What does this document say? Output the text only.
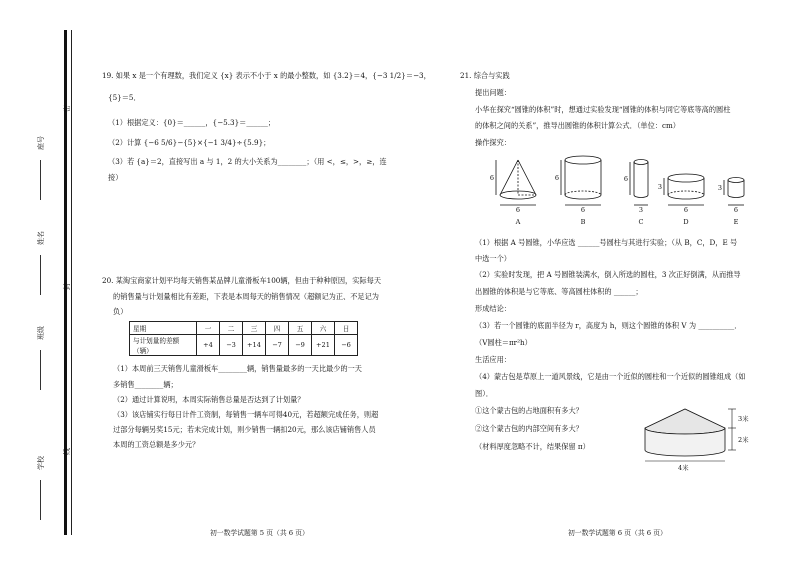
密
座号
姓名
封
班级
线
学校
19. 如果 x 是一个有理数，我们定义 {x} 表示不小于 x 的最小整数，如 {3.2}＝4，{−3 1/2}＝−3，
{5}＝5．
（1）根据定义：{0}＝______，{−5.3}＝______；
（2）计算 {−6 5/6}−{5}×{−1 3/4}÷{5.9}；
（3）若 {a}＝2，直接写出 a 与 1，2 的大小关系为________；（用 <，≤，>，≥，连
接）
20. 某淘宝商家计划平均每天销售某品牌儿童滑板车100辆，但由于种种原因，实际每天
的销售量与计划量相比有差距，下表是本周每天的销售情况（超额记为正、不足记为
负）
星期	一	二	三	四	五	六	日
与计划量的差额（辆）	+4	−3	+14	−7	−9	+21	−6
（1）本周前三天销售儿童滑板车________辆，销售量最多的一天比最少的一天
多销售________辆；
（2）通过计算说明，本周实际销售总量是否达到了计划量？
（3）该店铺实行每日计件工资制，每销售一辆车可得40元，若超额完成任务，则超
过部分每辆另奖15元；若未完成计划，则少销售一辆扣20元，那么该店铺销售人员
本周的工资总额是多少元？
21. 综合与实践
提出问题：
小华在探究“圆锥的体积”时，想通过实验发现“圆锥的体积与同它等底等高的圆柱
的体积之间的关系”，推导出圆锥的体积计算公式．（单位：cm）
操作探究：
6
6
6
6
6
3
3
6
3
6
A	B	C	D	E
（1）根据 A 号圆锥，小华应选 ______号圆柱与其进行实验；（从 B，C，D，E 号
中选一个）
（2）实验时发现，把 A 号圆锥装满水，倒入所选的圆柱，3 次正好倒满，从而推导
出圆锥的体积是与它等底、等高圆柱体积的 ______；
形成结论：
（3）若一个圆锥的底面半径为 r，高度为 h，则这个圆锥的体积 V 为 __________．
（V圆柱＝πr²h）
生活应用：
（4）蒙古包是草原上一道风景线，它是由一个近似的圆柱和一个近似的圆锥组成（如
图）．
①这个蒙古包的占地面积有多大？
②这个蒙古包的内部空间有多大？
（材料厚度忽略不计，结果保留 π）
3米
2米
4米
初一数学试题第 5 页（共 6 页）	初一数学试题第 6 页（共 6 页）
